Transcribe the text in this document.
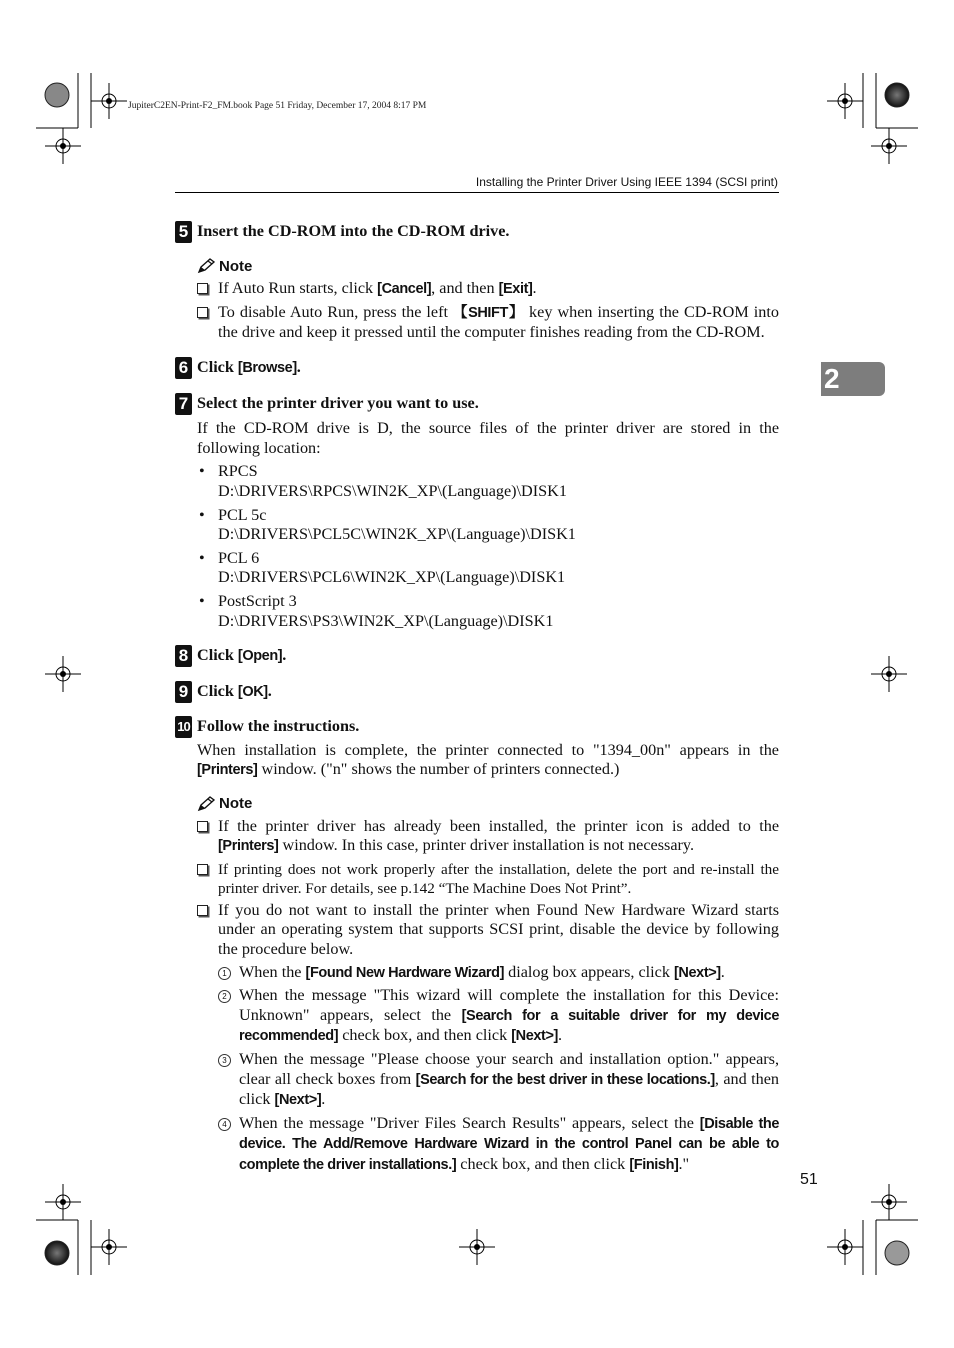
JupiterC2EN-Print-F2_FM.book Page 51 Friday, December 17, 2004 8:17 PM
Installing the Printer Driver Using IEEE 1394 (SCSI print)
2
51

5 Insert the CD-ROM into the CD-ROM drive.

Note

If Auto Run starts, click [Cancel], and then [Exit].

To disable Auto Run, press the left 【SHIFT】 key when inserting the CD-ROM into the drive and keep it pressed until the computer finishes reading from the CD-ROM.

6 Click [Browse].

7 Select the printer driver you want to use.

If the CD-ROM drive is D, the source files of the printer driver are stored in the following location:

• RPCS
D:\DRIVERS\RPCS\WIN2K_XP\(Language)\DISK1

• PCL 5c
D:\DRIVERS\PCL5C\WIN2K_XP\(Language)\DISK1

• PCL 6
D:\DRIVERS\PCL6\WIN2K_XP\(Language)\DISK1

• PostScript 3
D:\DRIVERS\PS3\WIN2K_XP\(Language)\DISK1

8 Click [Open].

9 Click [OK].

10 Follow the instructions.

When installation is complete, the printer connected to "1394_00n" appears in the [Printers] window. ("n" shows the number of printers connected.)

Note

If the printer driver has already been installed, the printer icon is added to the [Printers] window. In this case, printer driver installation is not necessary.

If printing does not work properly after the installation, delete the port and re-install the printer driver. For details, see p.142 “The Machine Does Not Print”.

If you do not want to install the printer when Found New Hardware Wizard starts under an operating system that supports SCSI print, disable the device by following the procedure below.

1 When the [Found New Hardware Wizard] dialog box appears, click [Next>].

2 When the message "This wizard will complete the installation for this Device: Unknown" appears, select the [Search for a suitable driver for my device recommended] check box, and then click [Next>].

3 When the message "Please choose your search and installation option." appears, clear all check boxes from [Search for the best driver in these locations.], and then click [Next>].

4 When the message "Driver Files Search Results" appears, select the [Disable the device. The Add/Remove Hardware Wizard in the control Panel can be able to complete the driver installations.] check box, and then click [Finish]."
